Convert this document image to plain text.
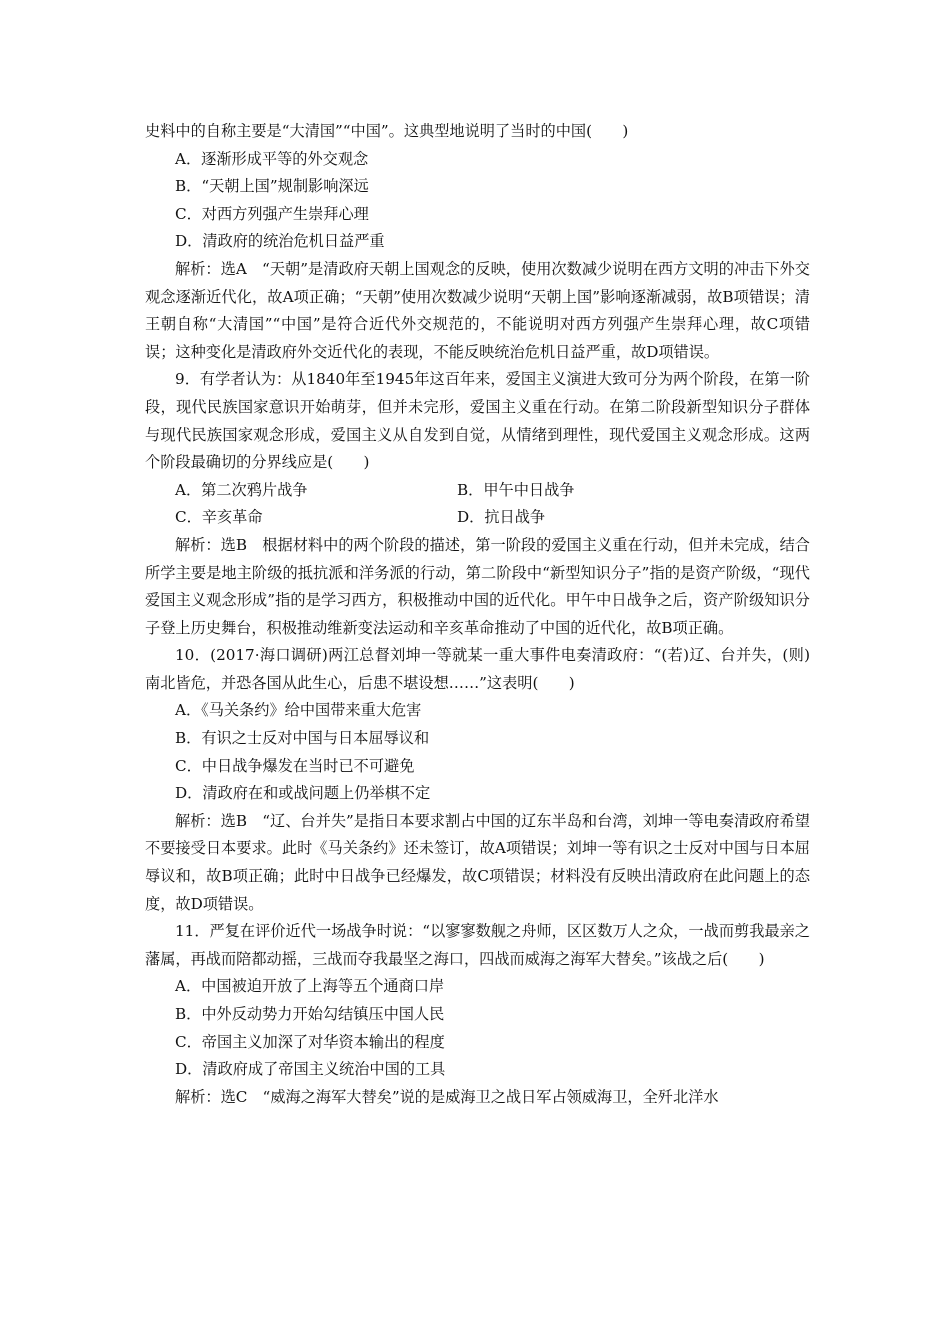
史料中的自称主要是“大清国”“中国”。这典型地说明了当时的中国(　　)

A．逐渐形成平等的外交观念
B．“天朝上国”规制影响深远
C．对西方列强产生崇拜心理
D．清政府的统治危机日益严重

解析：选A　“天朝”是清政府天朝上国观念的反映，使用次数减少说明在西方文明的冲击下外交观念逐渐近代化，故A项正确；“天朝”使用次数减少说明“天朝上国”影响逐渐减弱，故B项错误；清王朝自称“大清国”“中国”是符合近代外交规范的，不能说明对西方列强产生崇拜心理，故C项错误；这种变化是清政府外交近代化的表现，不能反映统治危机日益严重，故D项错误。

9．有学者认为：从1840年至1945年这百年来，爱国主义演进大致可分为两个阶段，在第一阶段，现代民族国家意识开始萌芽，但并未完形，爱国主义重在行动。在第二阶段新型知识分子群体与现代民族国家观念形成，爱国主义从自发到自觉，从情绪到理性，现代爱国主义观念形成。这两个阶段最确切的分界线应是(　　)

A．第二次鸦片战争	B．甲午中日战争
C．辛亥革命	D．抗日战争

解析：选B　根据材料中的两个阶段的描述，第一阶段的爱国主义重在行动，但并未完成，结合所学主要是地主阶级的抵抗派和洋务派的行动，第二阶段中“新型知识分子”指的是资产阶级，“现代爱国主义观念形成”指的是学习西方，积极推动中国的近代化。甲午中日战争之后，资产阶级知识分子登上历史舞台，积极推动维新变法运动和辛亥革命推动了中国的近代化，故B项正确。

10．(2017·海口调研)两江总督刘坤一等就某一重大事件电奏清政府：“(若)辽、台并失，(则)南北皆危，并恐各国从此生心，后患不堪设想……”这表明(　　)

A．《马关条约》给中国带来重大危害
B．有识之士反对中国与日本屈辱议和
C．中日战争爆发在当时已不可避免
D．清政府在和或战问题上仍举棋不定

解析：选B　“辽、台并失”是指日本要求割占中国的辽东半岛和台湾，刘坤一等电奏清政府希望不要接受日本要求。此时《马关条约》还未签订，故A项错误；刘坤一等有识之士反对中国与日本屈辱议和，故B项正确；此时中日战争已经爆发，故C项错误；材料没有反映出清政府在此问题上的态度，故D项错误。

11．严复在评价近代一场战争时说：“以寥寥数舰之舟师，区区数万人之众，一战而剪我最亲之藩属，再战而陪都动摇，三战而夺我最坚之海口，四战而威海之海军大替矣。”该战之后(　　)

A．中国被迫开放了上海等五个通商口岸
B．中外反动势力开始勾结镇压中国人民
C．帝国主义加深了对华资本输出的程度
D．清政府成了帝国主义统治中国的工具

解析：选C　“威海之海军大替矣”说的是威海卫之战日军占领威海卫，全歼北洋水
